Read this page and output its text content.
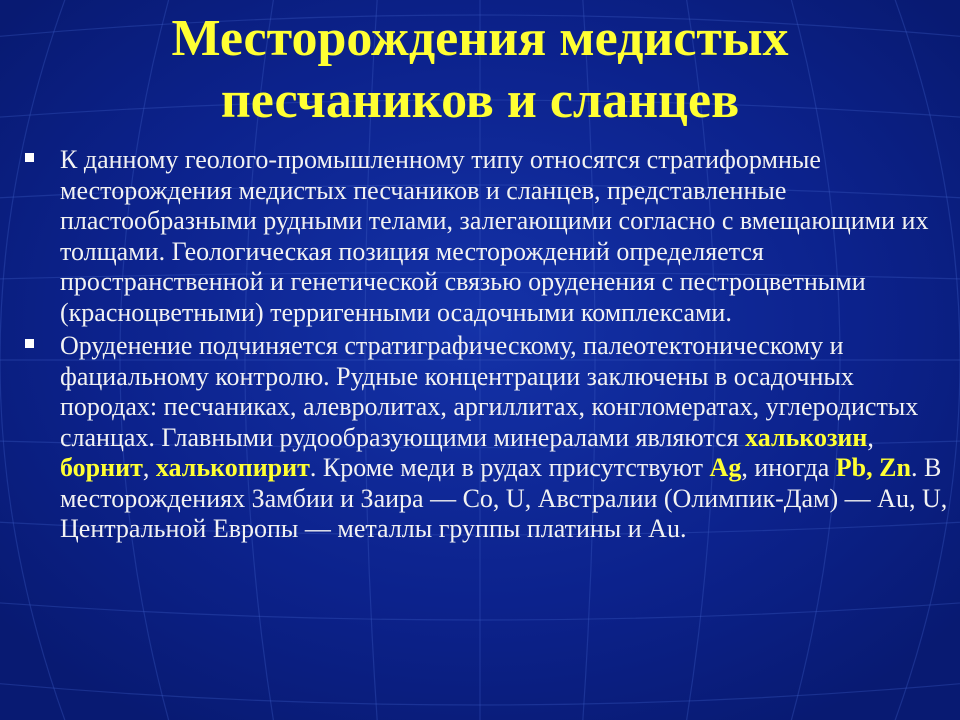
Месторождения медистых
песчаников и сланцев
К данному геолого-промышленному типу относятся стратиформные месторождения медистых песчаников и сланцев, представленные пластообразными рудными телами, залегающими согласно с вмещающими их толщами. Геологическая позиция месторождений определяется пространственной и генетической связью оруденения с пестроцветными (красноцветными) терригенными осадочными комплексами.
Оруденение подчиняется стратиграфическому, палеотектоническому и фациальному контролю. Рудные концентрации заключены в осадочных породах: песчаниках, алевролитах, аргиллитах, конгломератах, углеродистых сланцах. Главными рудообразующими минералами являются халькозин, борнит, халькопирит. Кроме меди в рудах присутствуют Ag, иногда Pb, Zn. В месторождениях Замбии и Заира — Co, U, Австралии (Олимпик-Дам) — Au, U, Центральной Европы — металлы группы платины и Au.
